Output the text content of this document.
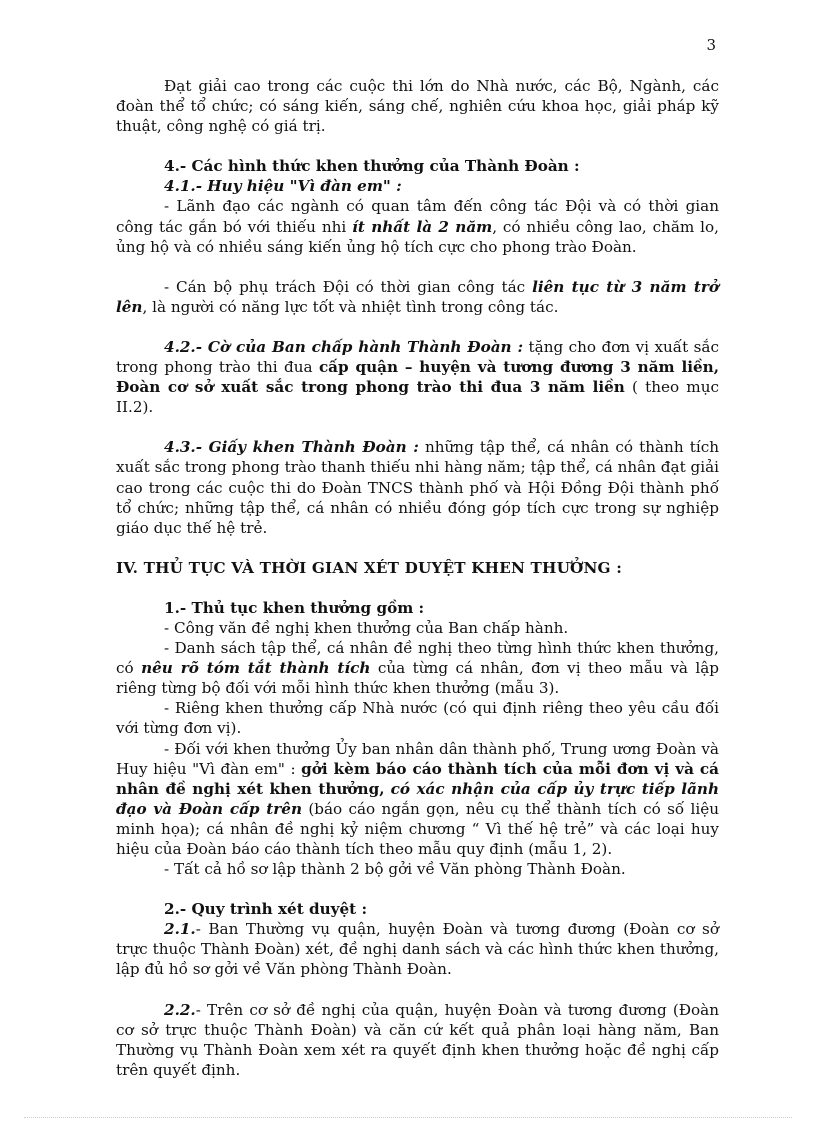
3

Đạt giải cao trong các cuộc thi lớn do Nhà nước, các Bộ, Ngành, các đoàn thể tổ chức; có sáng kiến, sáng chế, nghiên cứu khoa học, giải pháp kỹ thuật, công nghệ có giá trị.

4.- Các hình thức khen thưởng của Thành Đoàn :

4.1.- Huy hiệu "Vì đàn em" :

- Lãnh đạo các ngành có quan tâm đến công tác Đội và có thời gian công tác gắn bó với thiếu nhi ít nhất là 2 năm, có nhiều công lao, chăm lo, ủng hộ và có nhiều sáng kiến ủng hộ tích cực cho phong trào Đoàn.

- Cán bộ phụ trách Đội có thời gian công tác liên tục từ 3 năm trở lên, là người có năng lực tốt và nhiệt tình trong công tác.

4.2.- Cờ của Ban chấp hành Thành Đoàn : tặng cho đơn vị xuất sắc trong phong trào thi đua cấp quận – huyện và tương đương 3 năm liền, Đoàn cơ sở xuất sắc trong phong trào thi đua 3 năm liền ( theo mục II.2).

4.3.- Giấy khen Thành Đoàn : những tập thể, cá nhân có thành tích xuất sắc trong phong trào thanh thiếu nhi hàng năm; tập thể, cá nhân đạt giải cao trong các cuộc thi do Đoàn TNCS thành phố và Hội Đồng Đội thành phố tổ chức; những tập thể, cá nhân có nhiều đóng góp tích cực trong sự nghiệp giáo dục thế hệ trẻ.

IV. THỦ TỤC VÀ THỜI GIAN XÉT DUYỆT KHEN THƯỞNG :

1.- Thủ tục khen thưởng gồm :

- Công văn đề nghị khen thưởng của Ban chấp hành.

- Danh sách tập thể, cá nhân đề nghị theo từng hình thức khen thưởng, có nêu rõ tóm tắt thành tích của từng cá nhân, đơn vị theo mẫu và lập riêng từng bộ đối với mỗi hình thức khen thưởng (mẫu 3).

- Riêng khen thưởng cấp Nhà nước (có qui định riêng theo yêu cầu đối với từng đơn vị).

- Đối với khen thưởng Ủy ban nhân dân thành phố, Trung ương Đoàn và Huy hiệu "Vì đàn em" : gởi kèm báo cáo thành tích của mỗi đơn vị và cá nhân đề nghị xét khen thưởng, có xác nhận của cấp ủy trực tiếp lãnh đạo và Đoàn cấp trên (báo cáo ngắn gọn, nêu cụ thể thành tích có số liệu minh họa); cá nhân đề nghị kỷ niệm chương “ Vì thế hệ trẻ” và các loại huy hiệu của Đoàn báo cáo thành tích theo mẫu quy định (mẫu 1, 2).

- Tất cả hồ sơ lập thành 2 bộ gởi về Văn phòng Thành Đoàn.

2.- Quy trình xét duyệt :

2.1.- Ban Thường vụ quận, huyện Đoàn và tương đương (Đoàn cơ sở trực thuộc Thành Đoàn) xét, đề nghị danh sách và các hình thức khen thưởng, lập đủ hồ sơ gởi về Văn phòng Thành Đoàn.

2.2.- Trên cơ sở đề nghị của quận, huyện Đoàn và tương đương (Đoàn cơ sở trực thuộc Thành Đoàn) và căn cứ kết quả phân loại hàng năm, Ban Thường vụ Thành Đoàn xem xét ra quyết định khen thưởng hoặc đề nghị cấp trên quyết định.
